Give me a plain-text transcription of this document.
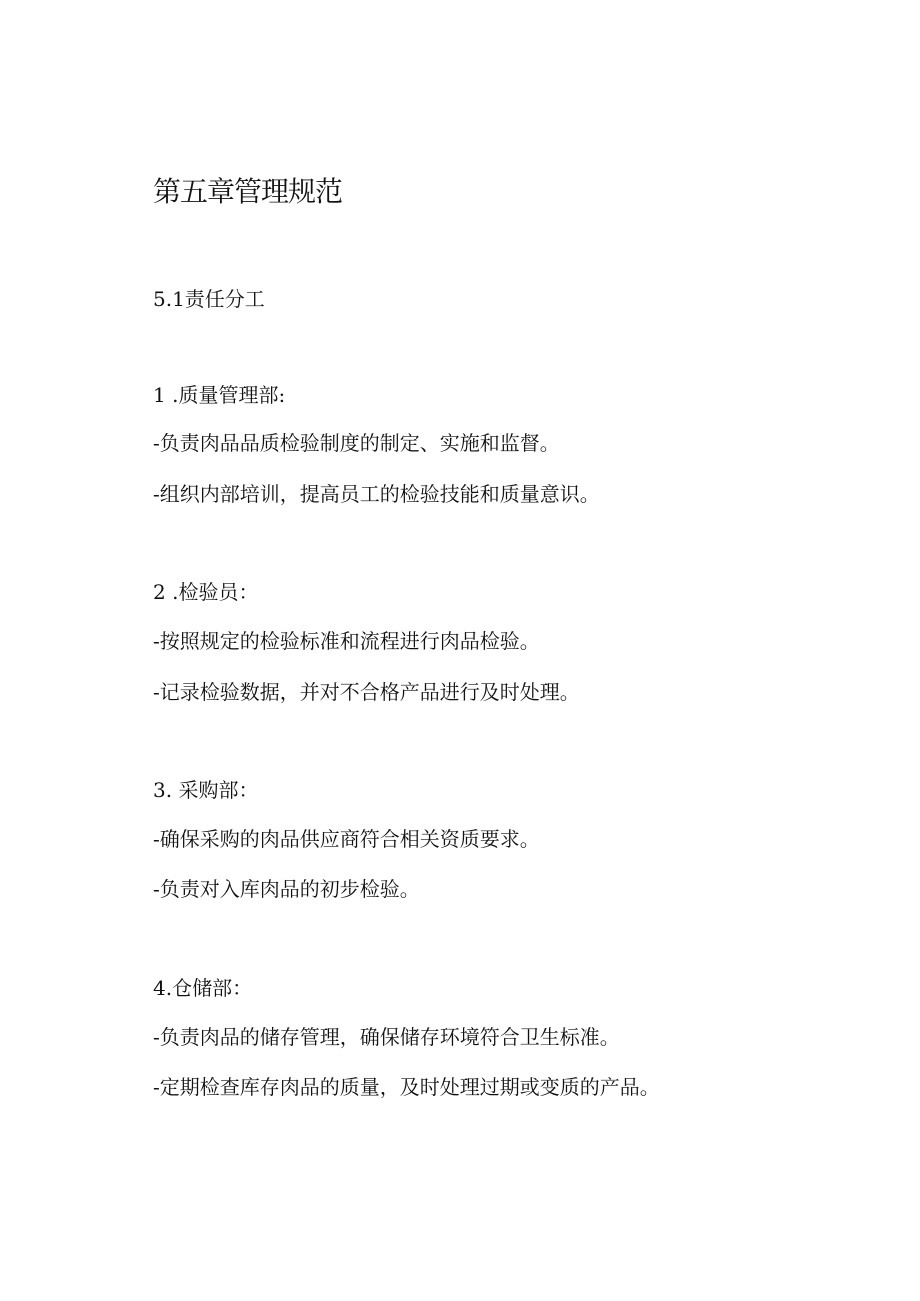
第五章管理规范

5.1责任分工

1 .质量管理部:

-负责肉品品质检验制度的制定、实施和监督。

-组织内部培训，提高员工的检验技能和质量意识。

2 .检验员：

-按照规定的检验标准和流程进行肉品检验。

-记录检验数据，并对不合格产品进行及时处理。

3. 采购部：

-确保采购的肉品供应商符合相关资质要求。

-负责对入库肉品的初步检验。

4.仓储部：

-负责肉品的储存管理，确保储存环境符合卫生标准。

-定期检查库存肉品的质量，及时处理过期或变质的产品。
